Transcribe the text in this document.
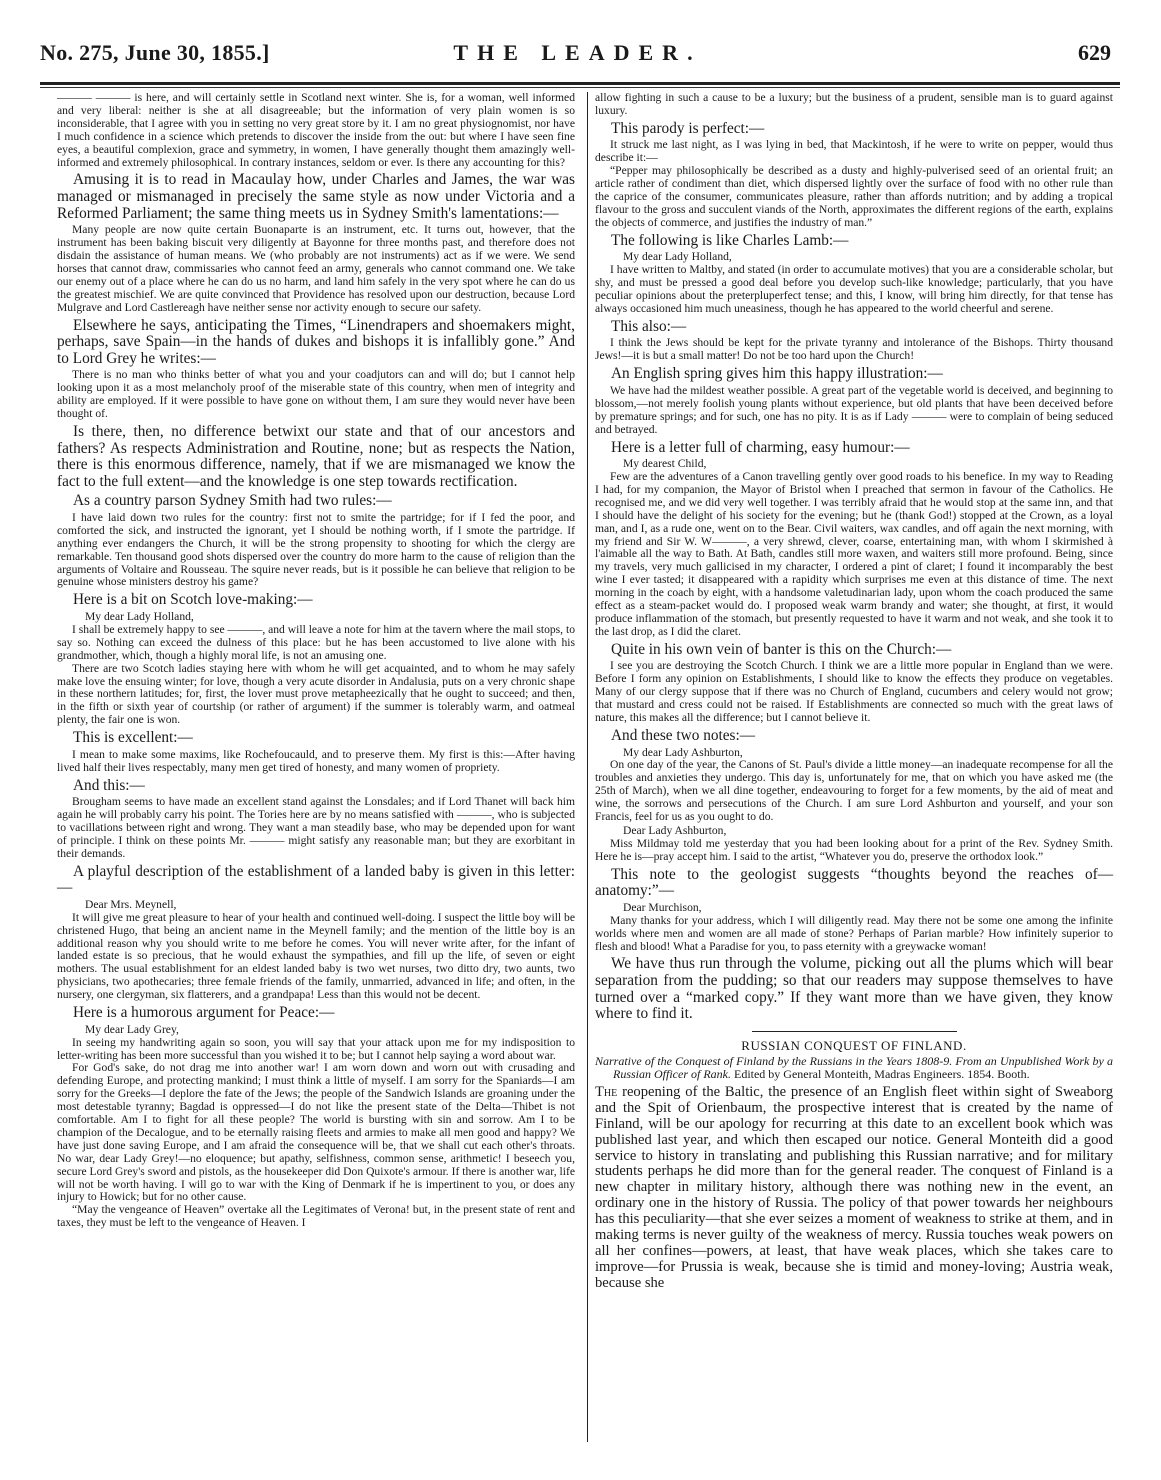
No. 275, June 30, 1855.]	THE LEADER.	629

——— ——— is here, and will certainly settle in Scotland next winter. She is, for a woman, well informed and very liberal: neither is she at all disagreeable; but the information of very plain women is so inconsiderable, that I agree with you in setting no very great store by it. I am no great physiognomist, nor have I much confidence in a science which pretends to discover the inside from the out: but where I have seen fine eyes, a beautiful complexion, grace and symmetry, in women, I have generally thought them amazingly well-informed and extremely philosophical. In contrary instances, seldom or ever. Is there any accounting for this?

Amusing it is to read in Macaulay how, under Charles and James, the war was managed or mismanaged in precisely the same style as now under Victoria and a Reformed Parliament; the same thing meets us in Sydney Smith's lamentations:—

Many people are now quite certain Buonaparte is an instrument, etc. It turns out, however, that the instrument has been baking biscuit very diligently at Bayonne for three months past, and therefore does not disdain the assistance of human means. We (who probably are not instruments) act as if we were. We send horses that cannot draw, commissaries who cannot feed an army, generals who cannot command one. We take our enemy out of a place where he can do us no harm, and land him safely in the very spot where he can do us the greatest mischief. We are quite convinced that Providence has resolved upon our destruction, because Lord Mulgrave and Lord Castlereagh have neither sense nor activity enough to secure our safety.

Elsewhere he says, anticipating the Times, “Linendrapers and shoemakers might, perhaps, save Spain—in the hands of dukes and bishops it is infallibly gone.” And to Lord Grey he writes:—

There is no man who thinks better of what you and your coadjutors can and will do; but I cannot help looking upon it as a most melancholy proof of the miserable state of this country, when men of integrity and ability are employed. If it were possible to have gone on without them, I am sure they would never have been thought of.

Is there, then, no difference betwixt our state and that of our ancestors and fathers? As respects Administration and Routine, none; but as respects the Nation, there is this enormous difference, namely, that if we are mismanaged we know the fact to the full extent—and the knowledge is one step towards rectification.

As a country parson Sydney Smith had two rules:—

I have laid down two rules for the country: first not to smite the partridge; for if I fed the poor, and comforted the sick, and instructed the ignorant, yet I should be nothing worth, if I smote the partridge. If anything ever endangers the Church, it will be the strong propensity to shooting for which the clergy are remarkable. Ten thousand good shots dispersed over the country do more harm to the cause of religion than the arguments of Voltaire and Rousseau. The squire never reads, but is it possible he can believe that religion to be genuine whose ministers destroy his game?

Here is a bit on Scotch love-making:—

My dear Lady Holland,

I shall be extremely happy to see ———, and will leave a note for him at the tavern where the mail stops, to say so. Nothing can exceed the dulness of this place: but he has been accustomed to live alone with his grandmother, which, though a highly moral life, is not an amusing one.

There are two Scotch ladies staying here with whom he will get acquainted, and to whom he may safely make love the ensuing winter; for love, though a very acute disorder in Andalusia, puts on a very chronic shape in these northern latitudes; for, first, the lover must prove metapheezically that he ought to succeed; and then, in the fifth or sixth year of courtship (or rather of argument) if the summer is tolerably warm, and oatmeal plenty, the fair one is won.

This is excellent:—

I mean to make some maxims, like Rochefoucauld, and to preserve them. My first is this:—After having lived half their lives respectably, many men get tired of honesty, and many women of propriety.

And this:—

Brougham seems to have made an excellent stand against the Lonsdales; and if Lord Thanet will back him again he will probably carry his point. The Tories here are by no means satisfied with ———, who is subjected to vacillations between right and wrong. They want a man steadily base, who may be depended upon for want of principle. I think on these points Mr. ——— might satisfy any reasonable man; but they are exorbitant in their demands.

A playful description of the establishment of a landed baby is given in this letter:—

Dear Mrs. Meynell,

It will give me great pleasure to hear of your health and continued well-doing. I suspect the little boy will be christened Hugo, that being an ancient name in the Meynell family; and the mention of the little boy is an additional reason why you should write to me before he comes. You will never write after, for the infant of landed estate is so precious, that he would exhaust the sympathies, and fill up the life, of seven or eight mothers. The usual establishment for an eldest landed baby is two wet nurses, two ditto dry, two aunts, two physicians, two apothecaries; three female friends of the family, unmarried, advanced in life; and often, in the nursery, one clergyman, six flatterers, and a grandpapa! Less than this would not be decent.

Here is a humorous argument for Peace:—

My dear Lady Grey,

In seeing my handwriting again so soon, you will say that your attack upon me for my indisposition to letter-writing has been more successful than you wished it to be; but I cannot help saying a word about war.

For God's sake, do not drag me into another war! I am worn down and worn out with crusading and defending Europe, and protecting mankind; I must think a little of myself. I am sorry for the Spaniards—I am sorry for the Greeks—I deplore the fate of the Jews; the people of the Sandwich Islands are groaning under the most detestable tyranny; Bagdad is oppressed—I do not like the present state of the Delta—Thibet is not comfortable. Am I to fight for all these people? The world is bursting with sin and sorrow. Am I to be champion of the Decalogue, and to be eternally raising fleets and armies to make all men good and happy? We have just done saving Europe, and I am afraid the consequence will be, that we shall cut each other's throats. No war, dear Lady Grey!—no eloquence; but apathy, selfishness, common sense, arithmetic! I beseech you, secure Lord Grey's sword and pistols, as the housekeeper did Don Quixote's armour. If there is another war, life will not be worth having. I will go to war with the King of Denmark if he is impertinent to you, or does any injury to Howick; but for no other cause.

“May the vengeance of Heaven” overtake all the Legitimates of Verona! but, in the present state of rent and taxes, they must be left to the vengeance of Heaven. I

allow fighting in such a cause to be a luxury; but the business of a prudent, sensible man is to guard against luxury.

This parody is perfect:—

It struck me last night, as I was lying in bed, that Mackintosh, if he were to write on pepper, would thus describe it:—

“Pepper may philosophically be described as a dusty and highly-pulverised seed of an oriental fruit; an article rather of condiment than diet, which dispersed lightly over the surface of food with no other rule than the caprice of the consumer, communicates pleasure, rather than affords nutrition; and by adding a tropical flavour to the gross and succulent viands of the North, approximates the different regions of the earth, explains the objects of commerce, and justifies the industry of man.”

The following is like Charles Lamb:—

My dear Lady Holland,

I have written to Maltby, and stated (in order to accumulate motives) that you are a considerable scholar, but shy, and must be pressed a good deal before you develop such-like knowledge; particularly, that you have peculiar opinions about the preterpluperfect tense; and this, I know, will bring him directly, for that tense has always occasioned him much uneasiness, though he has appeared to the world cheerful and serene.

This also:—

I think the Jews should be kept for the private tyranny and intolerance of the Bishops. Thirty thousand Jews!—it is but a small matter! Do not be too hard upon the Church!

An English spring gives him this happy illustration:—

We have had the mildest weather possible. A great part of the vegetable world is deceived, and beginning to blossom,—not merely foolish young plants without experience, but old plants that have been deceived before by premature springs; and for such, one has no pity. It is as if Lady ——— were to complain of being seduced and betrayed.

Here is a letter full of charming, easy humour:—

My dearest Child,

Few are the adventures of a Canon travelling gently over good roads to his benefice. In my way to Reading I had, for my companion, the Mayor of Bristol when I preached that sermon in favour of the Catholics. He recognised me, and we did very well together. I was terribly afraid that he would stop at the same inn, and that I should have the delight of his society for the evening; but he (thank God!) stopped at the Crown, as a loyal man, and I, as a rude one, went on to the Bear. Civil waiters, wax candles, and off again the next morning, with my friend and Sir W. W———, a very shrewd, clever, coarse, entertaining man, with whom I skirmished à l'aimable all the way to Bath. At Bath, candles still more waxen, and waiters still more profound. Being, since my travels, very much gallicised in my character, I ordered a pint of claret; I found it incomparably the best wine I ever tasted; it disappeared with a rapidity which surprises me even at this distance of time. The next morning in the coach by eight, with a handsome valetudinarian lady, upon whom the coach produced the same effect as a steam-packet would do. I proposed weak warm brandy and water; she thought, at first, it would produce inflammation of the stomach, but presently requested to have it warm and not weak, and she took it to the last drop, as I did the claret.

Quite in his own vein of banter is this on the Church:—

I see you are destroying the Scotch Church. I think we are a little more popular in England than we were. Before I form any opinion on Establishments, I should like to know the effects they produce on vegetables. Many of our clergy suppose that if there was no Church of England, cucumbers and celery would not grow; that mustard and cress could not be raised. If Establishments are connected so much with the great laws of nature, this makes all the difference; but I cannot believe it.

And these two notes:—

My dear Lady Ashburton,

On one day of the year, the Canons of St. Paul's divide a little money—an inadequate recompense for all the troubles and anxieties they undergo. This day is, unfortunately for me, that on which you have asked me (the 25th of March), when we all dine together, endeavouring to forget for a few moments, by the aid of meat and wine, the sorrows and persecutions of the Church. I am sure Lord Ashburton and yourself, and your son Francis, feel for us as you ought to do.

Dear Lady Ashburton,

Miss Mildmay told me yesterday that you had been looking about for a print of the Rev. Sydney Smith. Here he is—pray accept him. I said to the artist, “Whatever you do, preserve the orthodox look.”

This note to the geologist suggests “thoughts beyond the reaches of—anatomy:”—

Dear Murchison,

Many thanks for your address, which I will diligently read. May there not be some one among the infinite worlds where men and women are all made of stone? Perhaps of Parian marble? How infinitely superior to flesh and blood! What a Paradise for you, to pass eternity with a greywacke woman!

We have thus run through the volume, picking out all the plums which will bear separation from the pudding; so that our readers may suppose themselves to have turned over a “marked copy.” If they want more than we have given, they know where to find it.

RUSSIAN CONQUEST OF FINLAND.

Narrative of the Conquest of Finland by the Russians in the Years 1808-9. From an Unpublished Work by a Russian Officer of Rank. Edited by General Monteith, Madras Engineers. 1854. Booth.

The reopening of the Baltic, the presence of an English fleet within sight of Sweaborg and the Spit of Orienbaum, the prospective interest that is created by the name of Finland, will be our apology for recurring at this date to an excellent book which was published last year, and which then escaped our notice. General Monteith did a good service to history in translating and publishing this Russian narrative; and for military students perhaps he did more than for the general reader. The conquest of Finland is a new chapter in military history, although there was nothing new in the event, an ordinary one in the history of Russia. The policy of that power towards her neighbours has this peculiarity—that she ever seizes a moment of weakness to strike at them, and in making terms is never guilty of the weakness of mercy. Russia touches weak powers on all her confines—powers, at least, that have weak places, which she takes care to improve—for Prussia is weak, because she is timid and money-loving; Austria weak, because she
